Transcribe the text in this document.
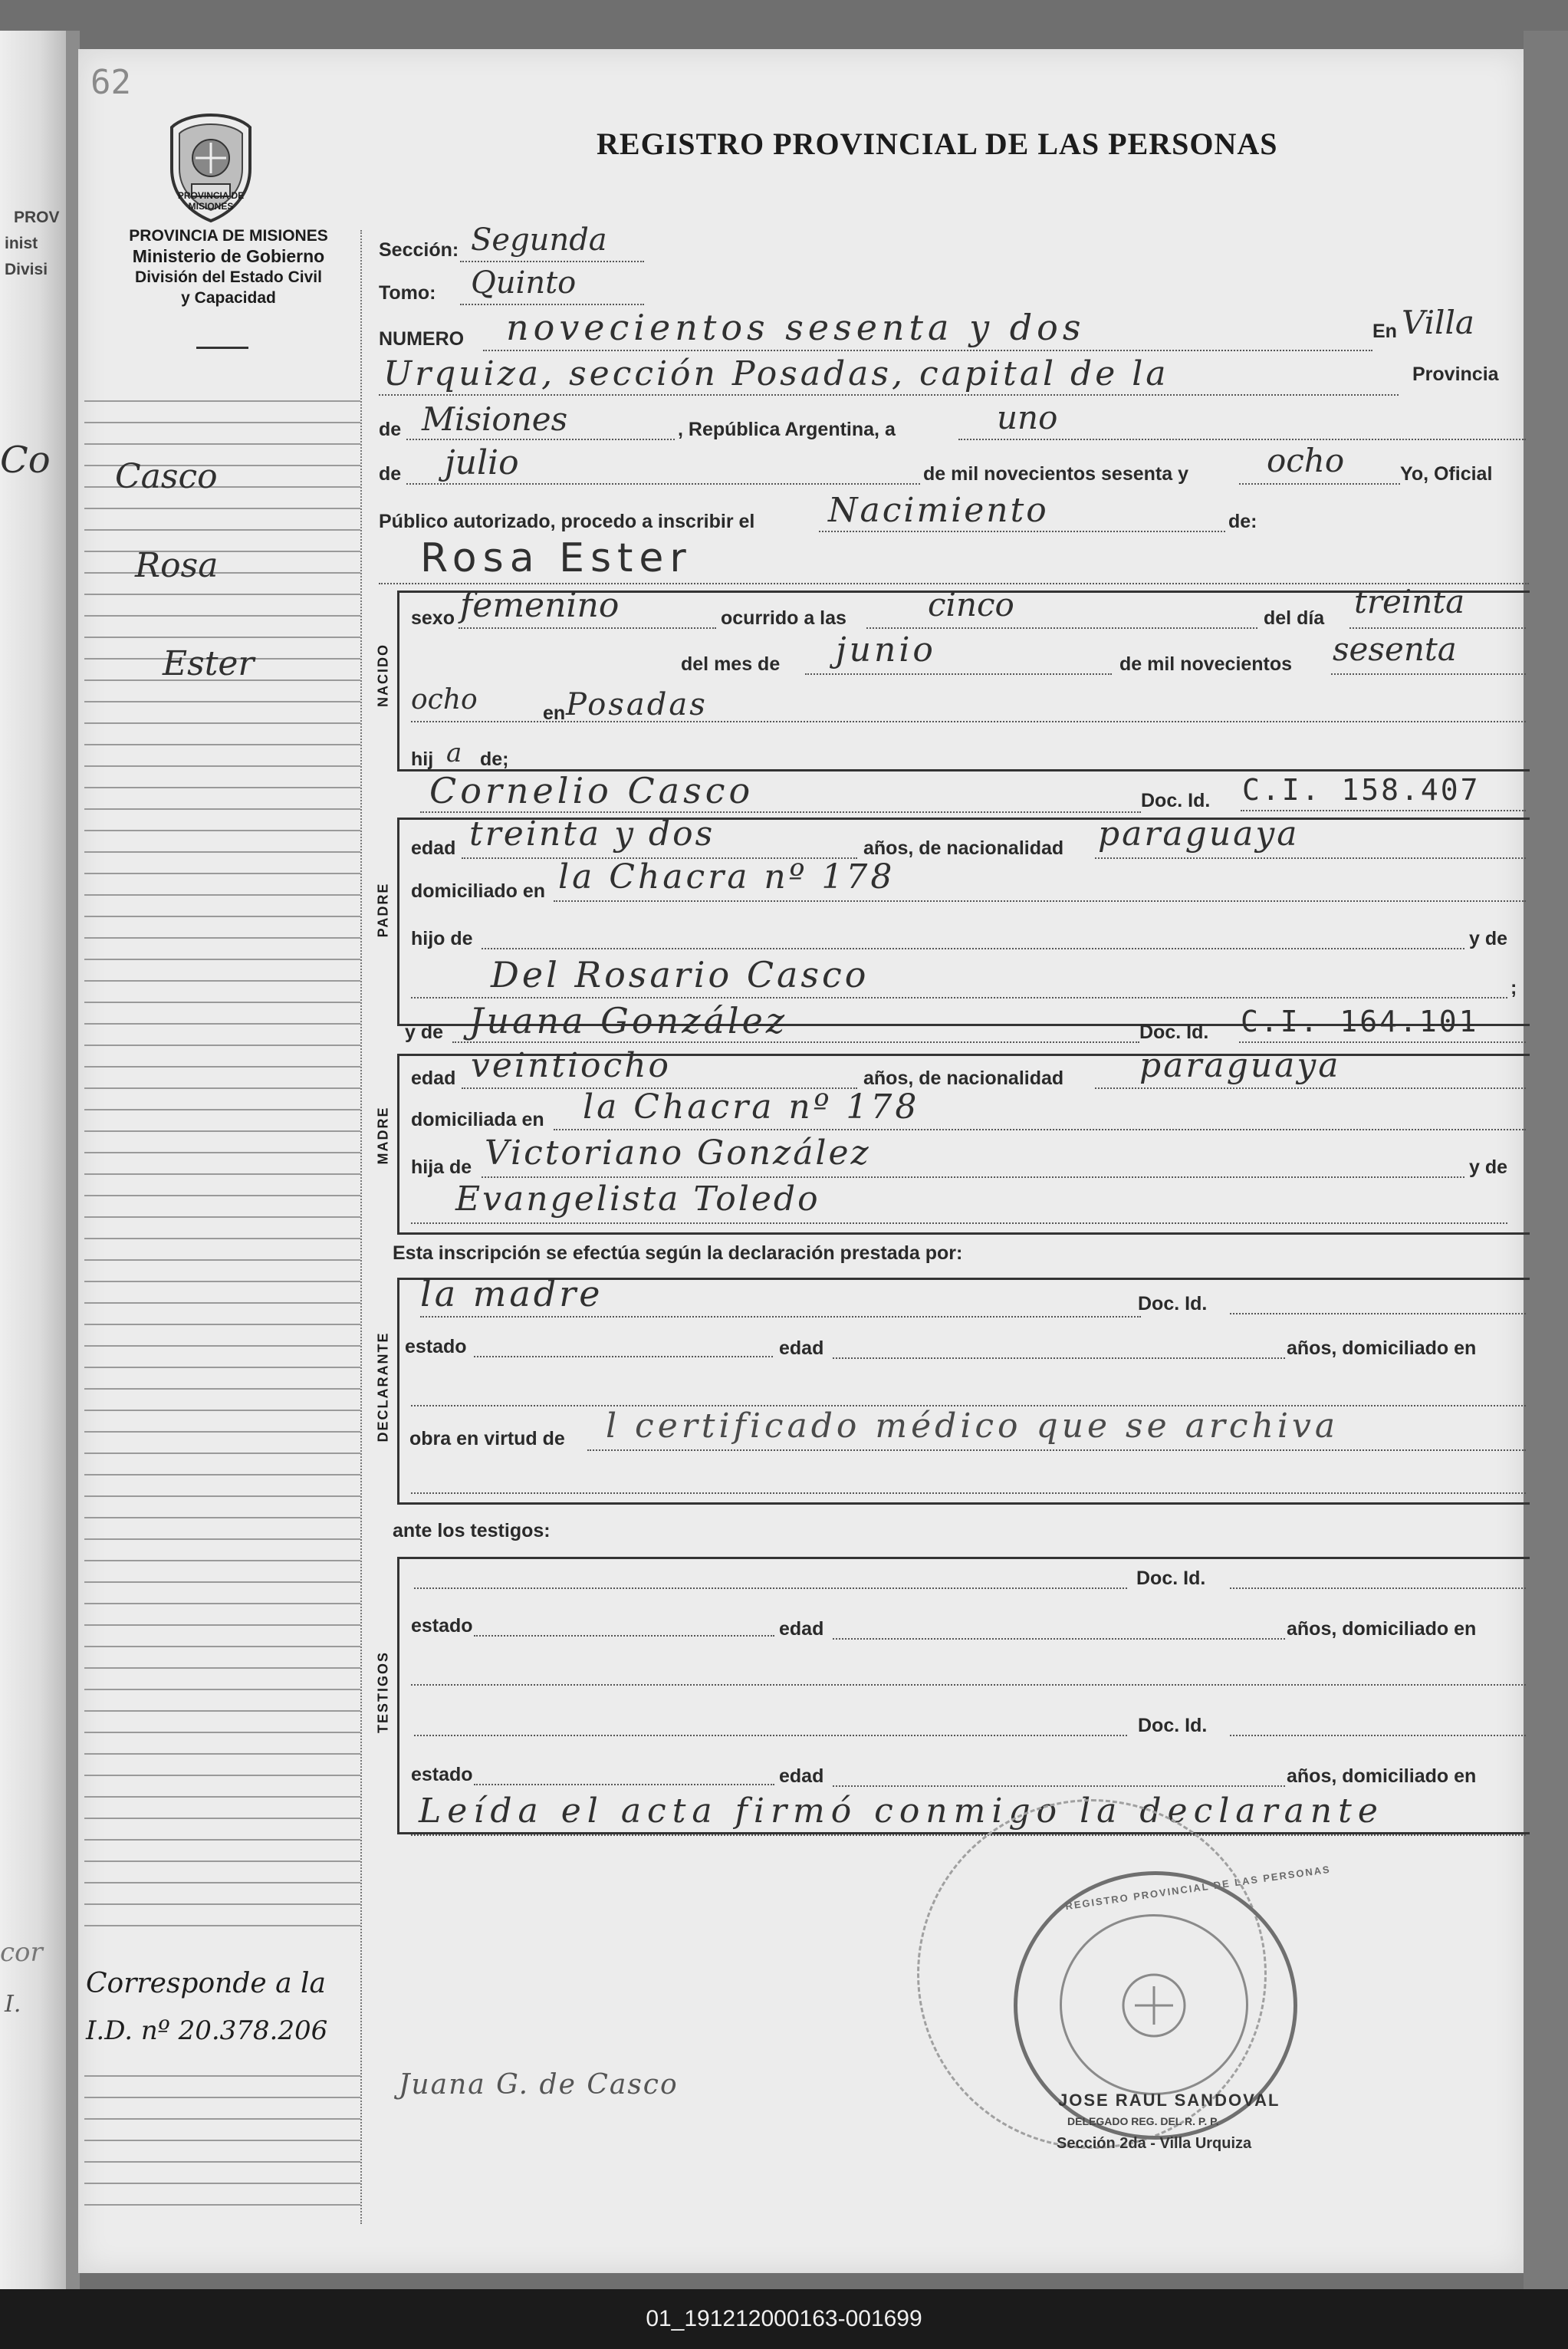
PROV
inist
Divisi
Co
cor
I.
62
PROVINCIA DE MISIONES
PROVINCIA DE MISIONES
Ministerio de Gobierno
División del Estado Civil
y Capacidad
REGISTRO PROVINCIAL DE LAS PERSONAS
Casco
Rosa
Ester
Corresponde a la
I.D. nº 20.378.206
Sección: Segunda
Tomo: Quinto
NUMERO novecientos sesenta y dos	En Villa
Urquiza, sección Posadas, capital de la	Provincia
de Misiones	, República Argentina, a	uno
de julio	de mil novecientos sesenta y ocho	Yo, Oficial
Público autorizado, procedo a inscribir el Nacimiento	de:
Rosa Ester
NACIDO
sexo femenino	ocurrido a las	cinco	del día treinta
del mes de junio	de mil novecientos sesenta
ocho	en Posadas
hij a de;
PADRE
Cornelio Casco	Doc. Id. C.I. 158.407
edad treinta y dos	años, de nacionalidad paraguaya
domiciliado en la Chacra nº 178
hijo de	y de
Del Rosario Casco	;
MADRE
y de Juana González	Doc. Id. C.I. 164.101
edad veintiocho	años, de nacionalidad paraguaya
domiciliada en la Chacra nº 178
hija de Victoriano González	y de
Evangelista Toledo
Esta inscripción se efectúa según la declaración prestada por:
DECLARANTE
la madre	Doc. Id.
estado	edad	años, domiciliado en
obra en virtud de l certificado médico que se archiva
ante los testigos:
TESTIGOS
Doc. Id.
estado	edad	años, domiciliado en
Doc. Id.
estado	edad	años, domiciliado en
Leída el acta firmó conmigo la declarante
REGISTRO PROVINCIAL DE LAS PERSONAS
Juana G. de Casco	JOSE RAUL SANDOVAL
DELEGADO REG. DEL R. P. P.
Sección 2da - Villa Urquiza
01_191212000163-001699
